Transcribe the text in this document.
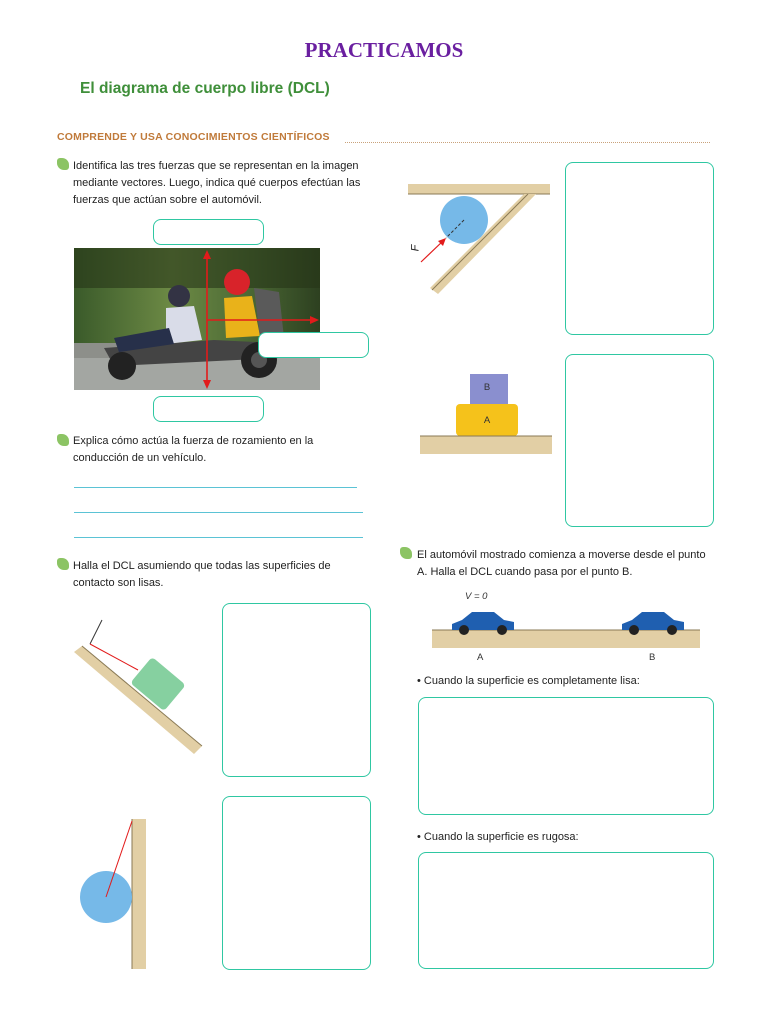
PRACTICAMOS
El diagrama de cuerpo libre (DCL)
COMPRENDE Y USA CONOCIMIENTOS CIENTÍFICOS
Identifica las tres fuerzas que se representan en la imagen mediante vectores. Luego, indica qué cuerpos efectúan las fuerzas que actúan sobre el automóvil.
Explica cómo actúa la fuerza de rozamiento en la conducción de un vehículo.
Halla el DCL asumiendo que todas las superficies de contacto son lisas.
F
B
A
El automóvil mostrado comienza a moverse desde el punto A. Halla el DCL cuando pasa por el punto B.
V = 0
A	B
• Cuando la superficie es completamente lisa:
• Cuando la superficie es rugosa:
